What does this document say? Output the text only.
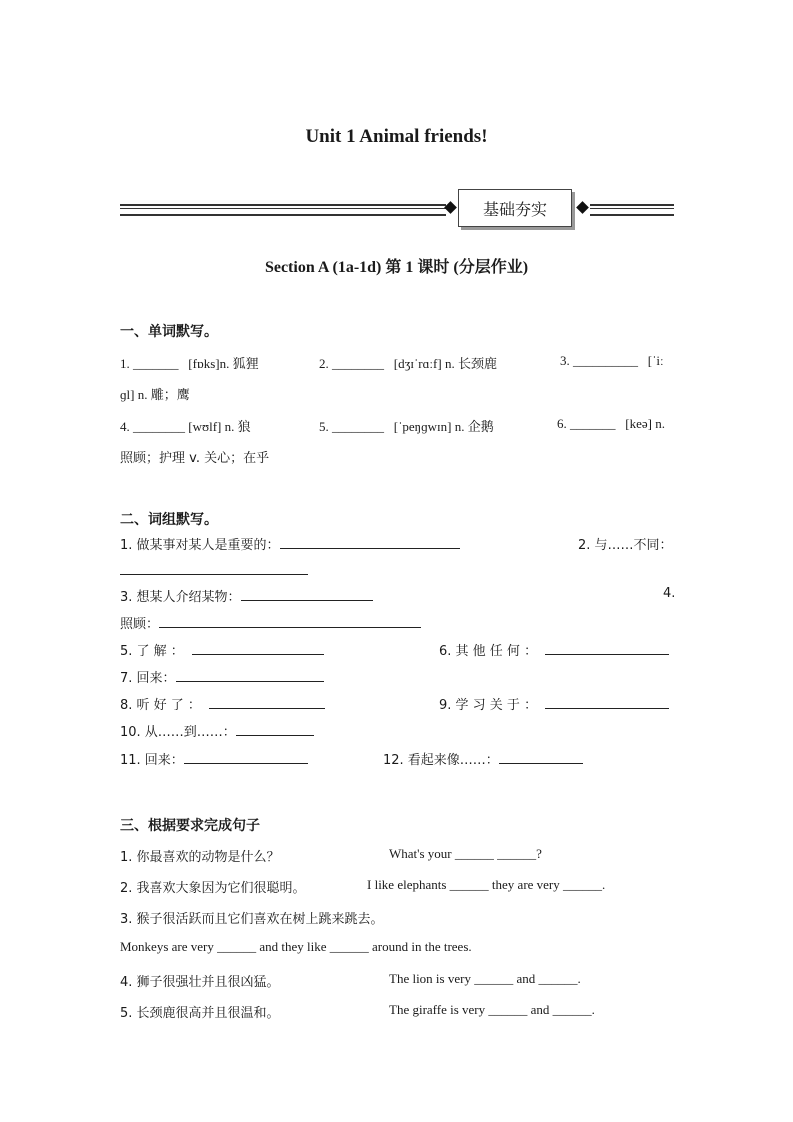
Unit 1 Animal friends!
基础夯实
Section A (1a-1d) 第 1 课时 (分层作业)
一、单词默写。
1. _______ [fɒks]n. 狐狸	2. ________ [dʒɪˈrɑːf] n. 长颈鹿	3. __________ [ˈiː
ɡl] n. 雕；鹰
4. ________ [wʊlf] n. 狼	5. ________ [ˈpeŋɡwɪn] n. 企鹅	6. _______ [keə] n.
照顾；护理 v. 关心；在乎
二、词组默写。
1. 做某事对某人是重要的：	2. 与……不同：
3. 想某人介绍某物：	4.
照顾：
5. 了 解 ：	6. 其 他 任 何 ：
7. 回来：
8. 听 好 了 ：	9. 学 习 关 于 ：
10. 从……到……：
11. 回来：	12. 看起来像……：
三、根据要求完成句子
1. 你最喜欢的动物是什么？	What's your ______ ______?
2. 我喜欢大象因为它们很聪明。	I like elephants ______ they are very ______.
3. 猴子很活跃而且它们喜欢在树上跳来跳去。
Monkeys are very ______ and they like ______ around in the trees.
4. 狮子很强壮并且很凶猛。	The lion is very ______ and ______.
5. 长颈鹿很高并且很温和。	The giraffe is very ______ and ______.
